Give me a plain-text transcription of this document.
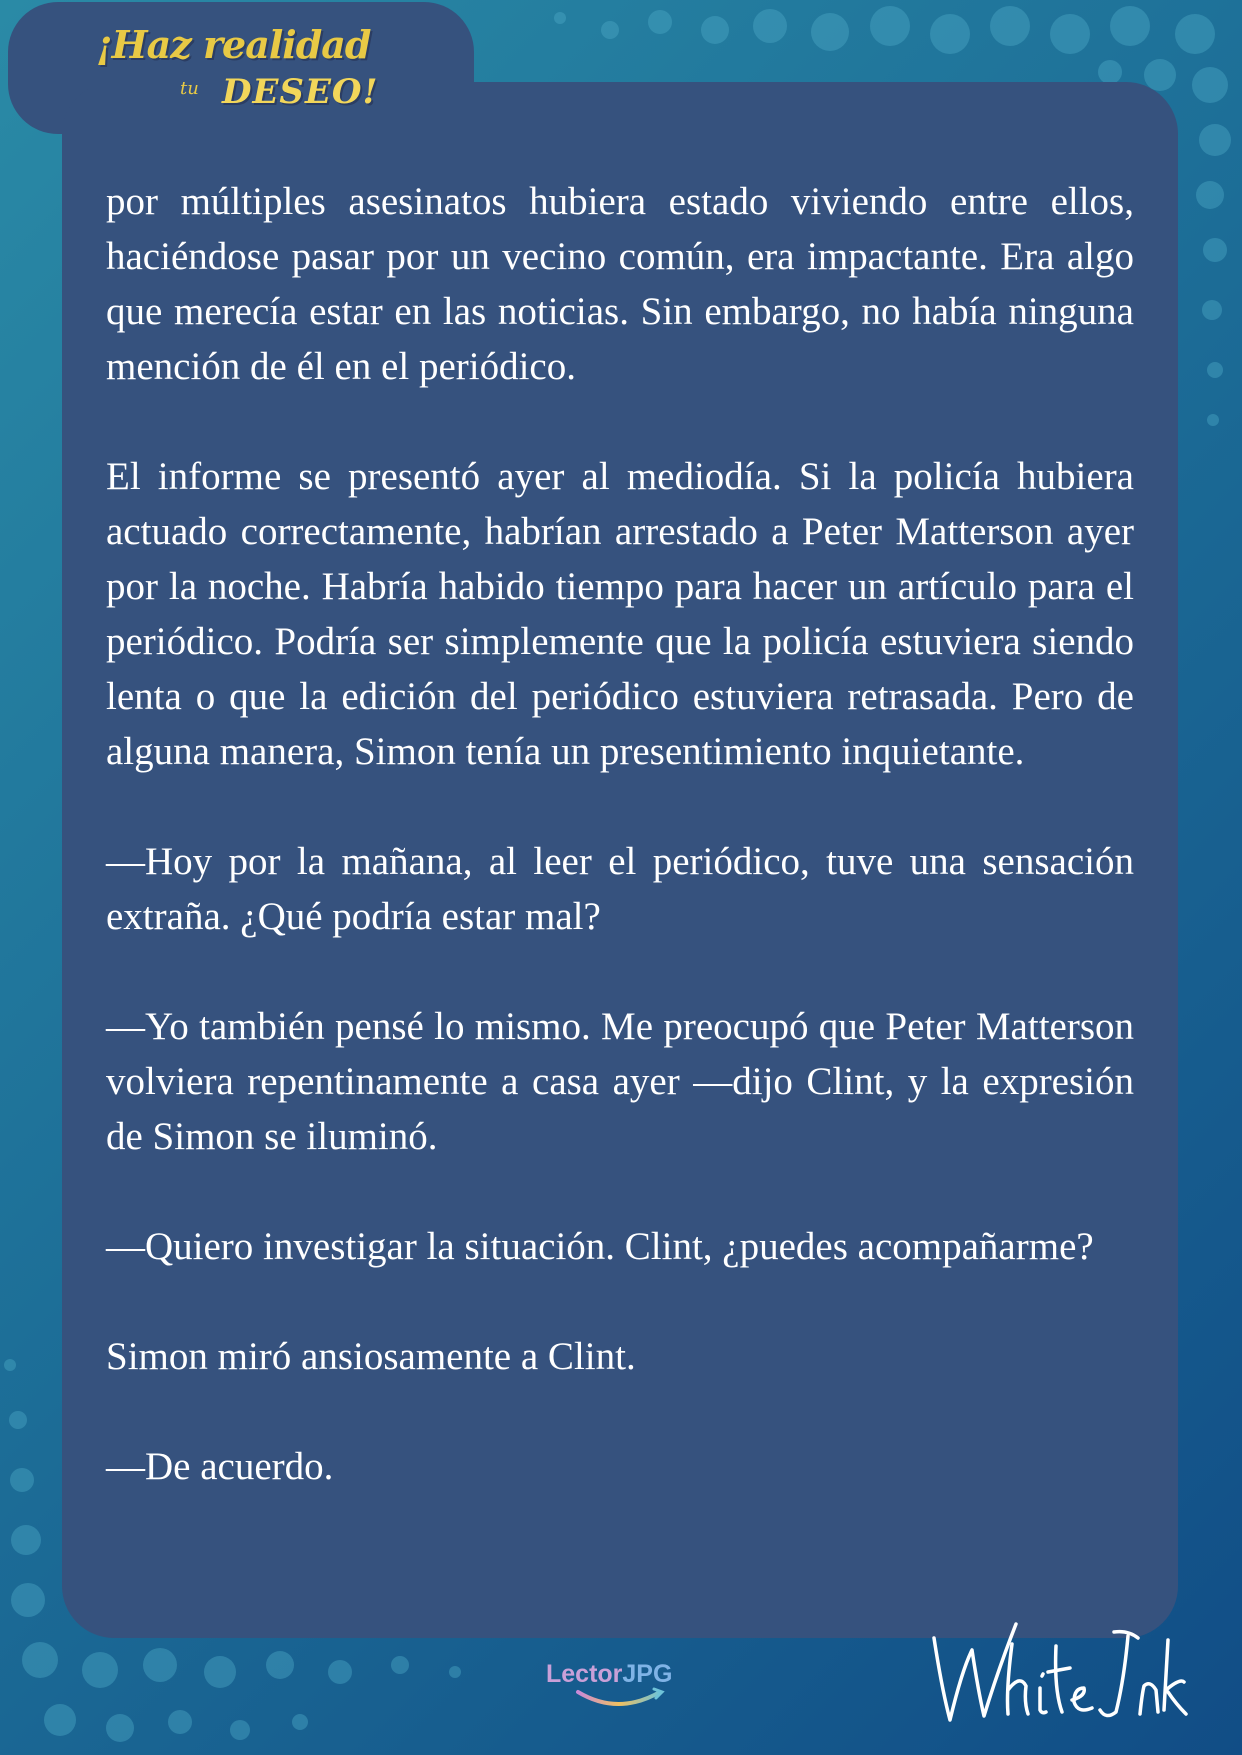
¡Haz realidad
tu DESEO!

por múltiples asesinatos hubiera estado viviendo entre ellos, haciéndose pasar por un vecino común, era impactante. Era algo que merecía estar en las noticias. Sin embargo, no había ninguna mención de él en el periódico.

El informe se presentó ayer al mediodía. Si la policía hubiera actuado correctamente, habrían arrestado a Peter Matterson ayer por la noche. Habría habido tiempo para hacer un artículo para el periódico. Podría ser simplemente que la policía estuviera siendo lenta o que la edición del periódico estuviera retrasada. Pero de alguna manera, Simon tenía un presentimiento inquietante.

—Hoy por la mañana, al leer el periódico, tuve una sensación extraña. ¿Qué podría estar mal?

—Yo también pensé lo mismo. Me preocupó que Peter Matterson volviera repentinamente a casa ayer —dijo Clint, y la expresión de Simon se iluminó.

—Quiero investigar la situación. Clint, ¿puedes acompañarme?

Simon miró ansiosamente a Clint.

—De acuerdo.

LectorJPG
